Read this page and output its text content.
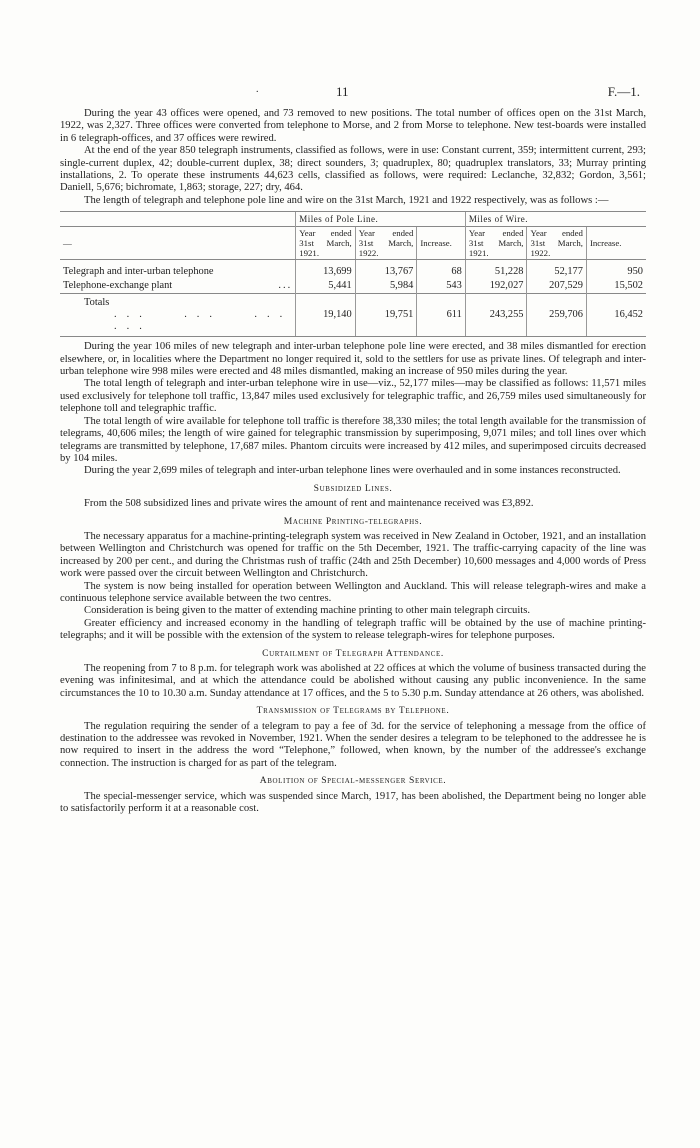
.	11	F.—1.

During the year 43 offices were opened, and 73 removed to new positions. The total number of offices open on the 31st March, 1922, was 2,327. Three offices were converted from telephone to Morse, and 2 from Morse to telephone. New test-boards were installed in 6 telegraph-offices, and 37 offices were rewired.

At the end of the year 850 telegraph instruments, classified as follows, were in use: Constant current, 359; intermittent current, 293; single-current duplex, 42; double-current duplex, 38; direct sounders, 3; quadruplex, 80; quadruplex translators, 33; Murray printing installations, 2. To operate these instruments 44,623 cells, classified as follows, were required: Leclanche, 32,832; Gordon, 3,561; Daniell, 5,676; bichromate, 1,863; storage, 227; dry, 464.

The length of telegraph and telephone pole line and wire on the 31st March, 1921 and 1922 respectively, was as follows :—

	Miles of Pole Line.			Miles of Wire.		
—	Year ended 31st March, 1921.	Year ended 31st March, 1922.	Increase.	Year ended 31st March, 1921.	Year ended 31st March, 1922.	Increase.
Telegraph and inter-urban telephone	13,699	13,767	68	51,228	52,177	950
Telephone-exchange plant ...	5,441	5,984	543	192,027	207,529	15,502
Totals... ... ... ...	19,140	19,751	611	243,255	259,706	16,452

During the year 106 miles of new telegraph and inter-urban telephone pole line were erected, and 38 miles dismantled for erection elsewhere, or, in localities where the Department no longer required it, sold to the settlers for use as private lines. Of telegraph and inter-urban telephone wire 998 miles were erected and 48 miles dismantled, making an increase of 950 miles during the year.

The total length of telegraph and inter-urban telephone wire in use—viz., 52,177 miles—may be classified as follows: 11,571 miles used exclusively for telephone toll traffic, 13,847 miles used exclusively for telegraphic traffic, and 26,759 miles used simultaneously for telephone toll and telegraphic traffic.

The total length of wire available for telephone toll traffic is therefore 38,330 miles; the total length available for the transmission of telegrams, 40,606 miles; the length of wire gained for telegraphic transmission by superimposing, 9,071 miles; and toll lines over which telegrams are transmitted by telephone, 17,687 miles. Phantom circuits were increased by 412 miles, and superimposed circuits decreased by 104 miles.

During the year 2,699 miles of telegraph and inter-urban telephone lines were overhauled and in some instances reconstructed.

Subsidized Lines.

From the 508 subsidized lines and private wires the amount of rent and maintenance received was £3,892.

Machine Printing-telegraphs.

The necessary apparatus for a machine-printing-telegraph system was received in New Zealand in October, 1921, and an installation between Wellington and Christchurch was opened for traffic on the 5th December, 1921. The traffic-carrying capacity of the line was increased by 200 per cent., and during the Christmas rush of traffic (24th and 25th December) 10,600 messages and 4,000 words of Press work were passed over the circuit between Wellington and Christchurch.

The system is now being installed for operation between Wellington and Auckland. This will release telegraph-wires and make a continuous telephone service available between the two centres.

Consideration is being given to the matter of extending machine printing to other main telegraph circuits.

Greater efficiency and increased economy in the handling of telegraph traffic will be obtained by the use of machine printing-telegraphs; and it will be possible with the extension of the system to release telegraph-wires for telephone purposes.

Curtailment of Telegraph Attendance.

The reopening from 7 to 8 p.m. for telegraph work was abolished at 22 offices at which the volume of business transacted during the evening was infinitesimal, and at which the attendance could be abolished without causing any public inconvenience. In the same circumstances the 10 to 10.30 a.m. Sunday attendance at 17 offices, and the 5 to 5.30 p.m. Sunday attendance at 26 others, was abolished.

Transmission of Telegrams by Telephone.

The regulation requiring the sender of a telegram to pay a fee of 3d. for the service of telephoning a message from the office of destination to the addressee was revoked in November, 1921. When the sender desires a telegram to be telephoned to the addressee he is now required to insert in the address the word “Telephone,” followed, when known, by the number of the addressee's exchange connection. The instruction is charged for as part of the telegram.

Abolition of Special-messenger Service.

The special-messenger service, which was suspended since March, 1917, has been abolished, the Department being no longer able to satisfactorily perform it at a reasonable cost.
